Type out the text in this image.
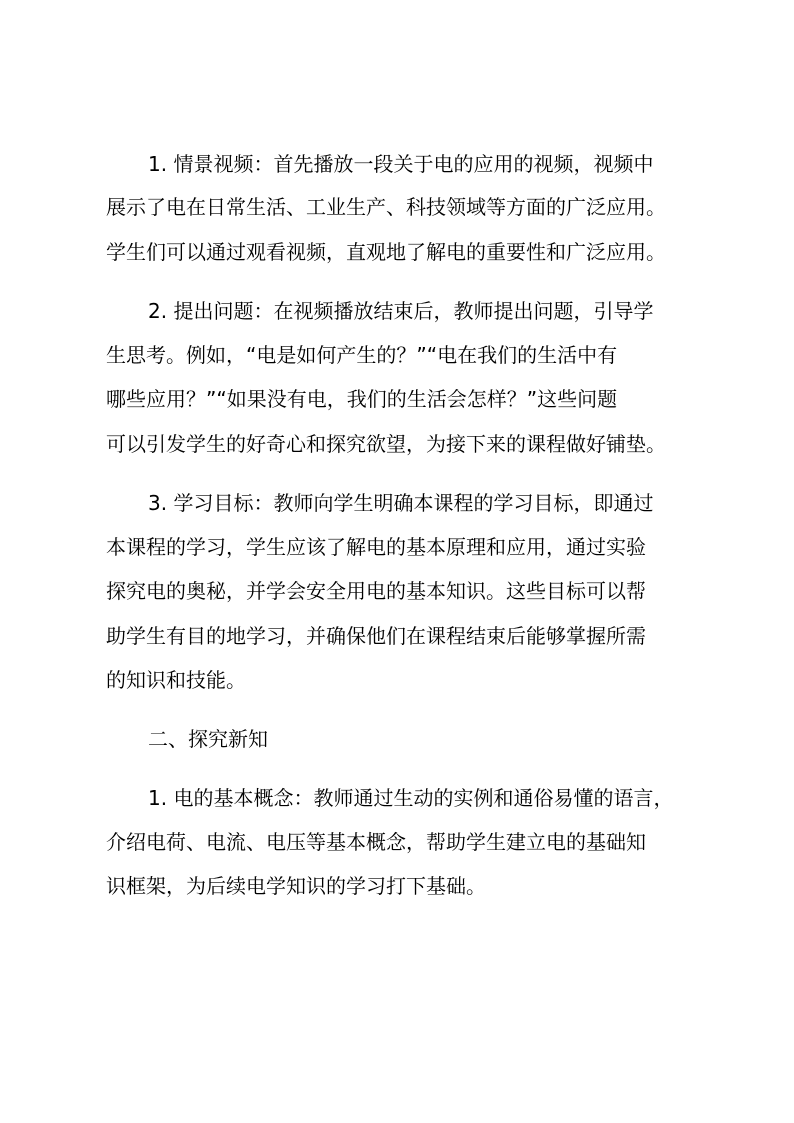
1. 情景视频：首先播放一段关于电的应用的视频，视频中
展示了电在日常生活、工业生产、科技领域等方面的广泛应用。
学生们可以通过观看视频，直观地了解电的重要性和广泛应用。
2. 提出问题：在视频播放结束后，教师提出问题，引导学
生思考。例如，“电是如何产生的？”“电在我们的生活中有
哪些应用？”“如果没有电，我们的生活会怎样？”这些问题
可以引发学生的好奇心和探究欲望，为接下来的课程做好铺垫。
3. 学习目标：教师向学生明确本课程的学习目标，即通过
本课程的学习，学生应该了解电的基本原理和应用，通过实验
探究电的奥秘，并学会安全用电的基本知识。这些目标可以帮
助学生有目的地学习，并确保他们在课程结束后能够掌握所需
的知识和技能。
二、探究新知
1. 电的基本概念：教师通过生动的实例和通俗易懂的语言，
介绍电荷、电流、电压等基本概念，帮助学生建立电的基础知
识框架，为后续电学知识的学习打下基础。
